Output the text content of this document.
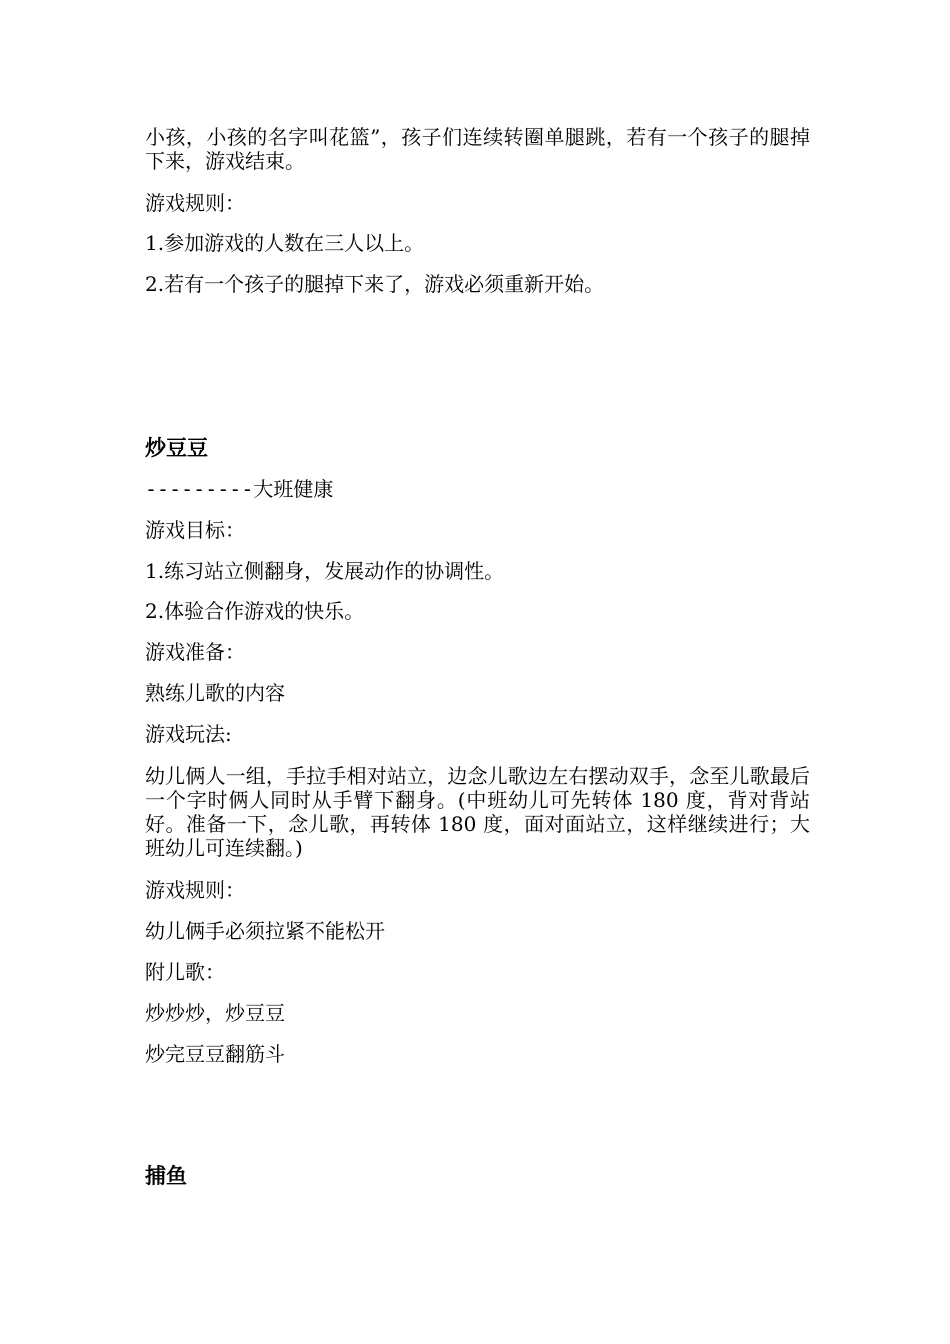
小孩，小孩的名字叫花篮”，孩子们连续转圈单腿跳，若有一个孩子的腿掉下来，游戏结束。
游戏规则：
1.参加游戏的人数在三人以上。
2.若有一个孩子的腿掉下来了，游戏必须重新开始。
炒豆豆
---------大班健康
游戏目标：
1.练习站立侧翻身，发展动作的协调性。
2.体验合作游戏的快乐。
游戏准备：
熟练儿歌的内容
游戏玩法:
幼儿俩人一组，手拉手相对站立，边念儿歌边左右摆动双手，念至儿歌最后一个字时俩人同时从手臂下翻身。(中班幼儿可先转体 180 度，背对背站好。准备一下，念儿歌，再转体 180 度，面对面站立，这样继续进行；大班幼儿可连续翻。)
游戏规则：
幼儿俩手必须拉紧不能松开
附儿歌：
炒炒炒，炒豆豆
炒完豆豆翻筋斗
捕鱼
